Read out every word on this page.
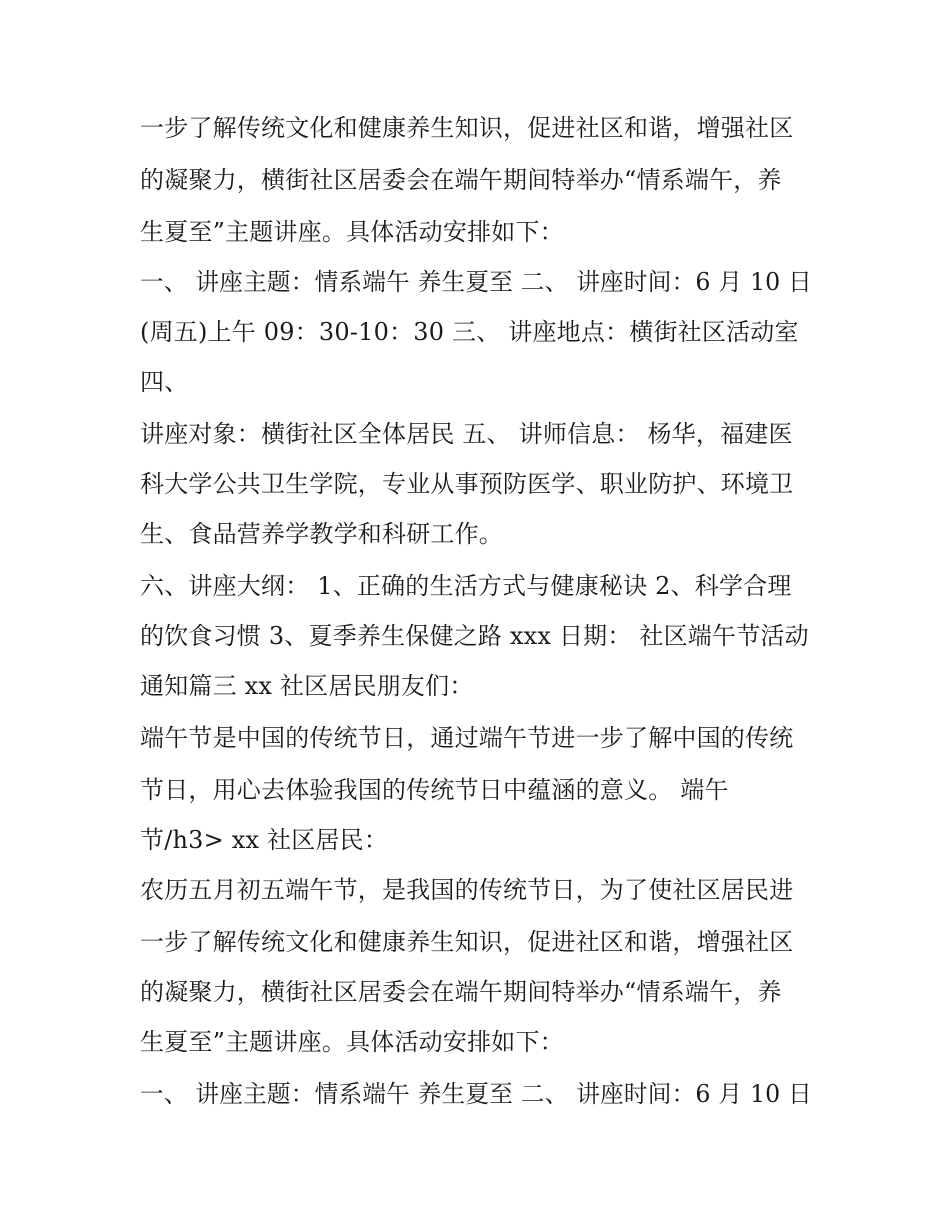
一步了解传统文化和健康养生知识，促进社区和谐，增强社区
的凝聚力，横街社区居委会在端午期间特举办“情系端午，养
生夏至”主题讲座。具体活动安排如下：
一、 讲座主题：情系端午 养生夏至 二、 讲座时间：6 月 10 日
(周五)上午 09：30-10：30 三、 讲座地点：横街社区活动室
四、
讲座对象：横街社区全体居民 五、 讲师信息： 杨华，福建医
科大学公共卫生学院，专业从事预防医学、职业防护、环境卫
生、食品营养学教学和科研工作。
六、讲座大纲： 1、正确的生活方式与健康秘诀 2、科学合理
的饮食习惯 3、夏季养生保健之路 xxx 日期： 社区端午节活动
通知篇三 xx 社区居民朋友们：
端午节是中国的传统节日，通过端午节进一步了解中国的传统
节日，用心去体验我国的传统节日中蕴涵的意义。 端午
节/h3> xx 社区居民：
农历五月初五端午节，是我国的传统节日，为了使社区居民进
一步了解传统文化和健康养生知识，促进社区和谐，增强社区
的凝聚力，横街社区居委会在端午期间特举办“情系端午，养
生夏至”主题讲座。具体活动安排如下：
一、 讲座主题：情系端午 养生夏至 二、 讲座时间：6 月 10 日
